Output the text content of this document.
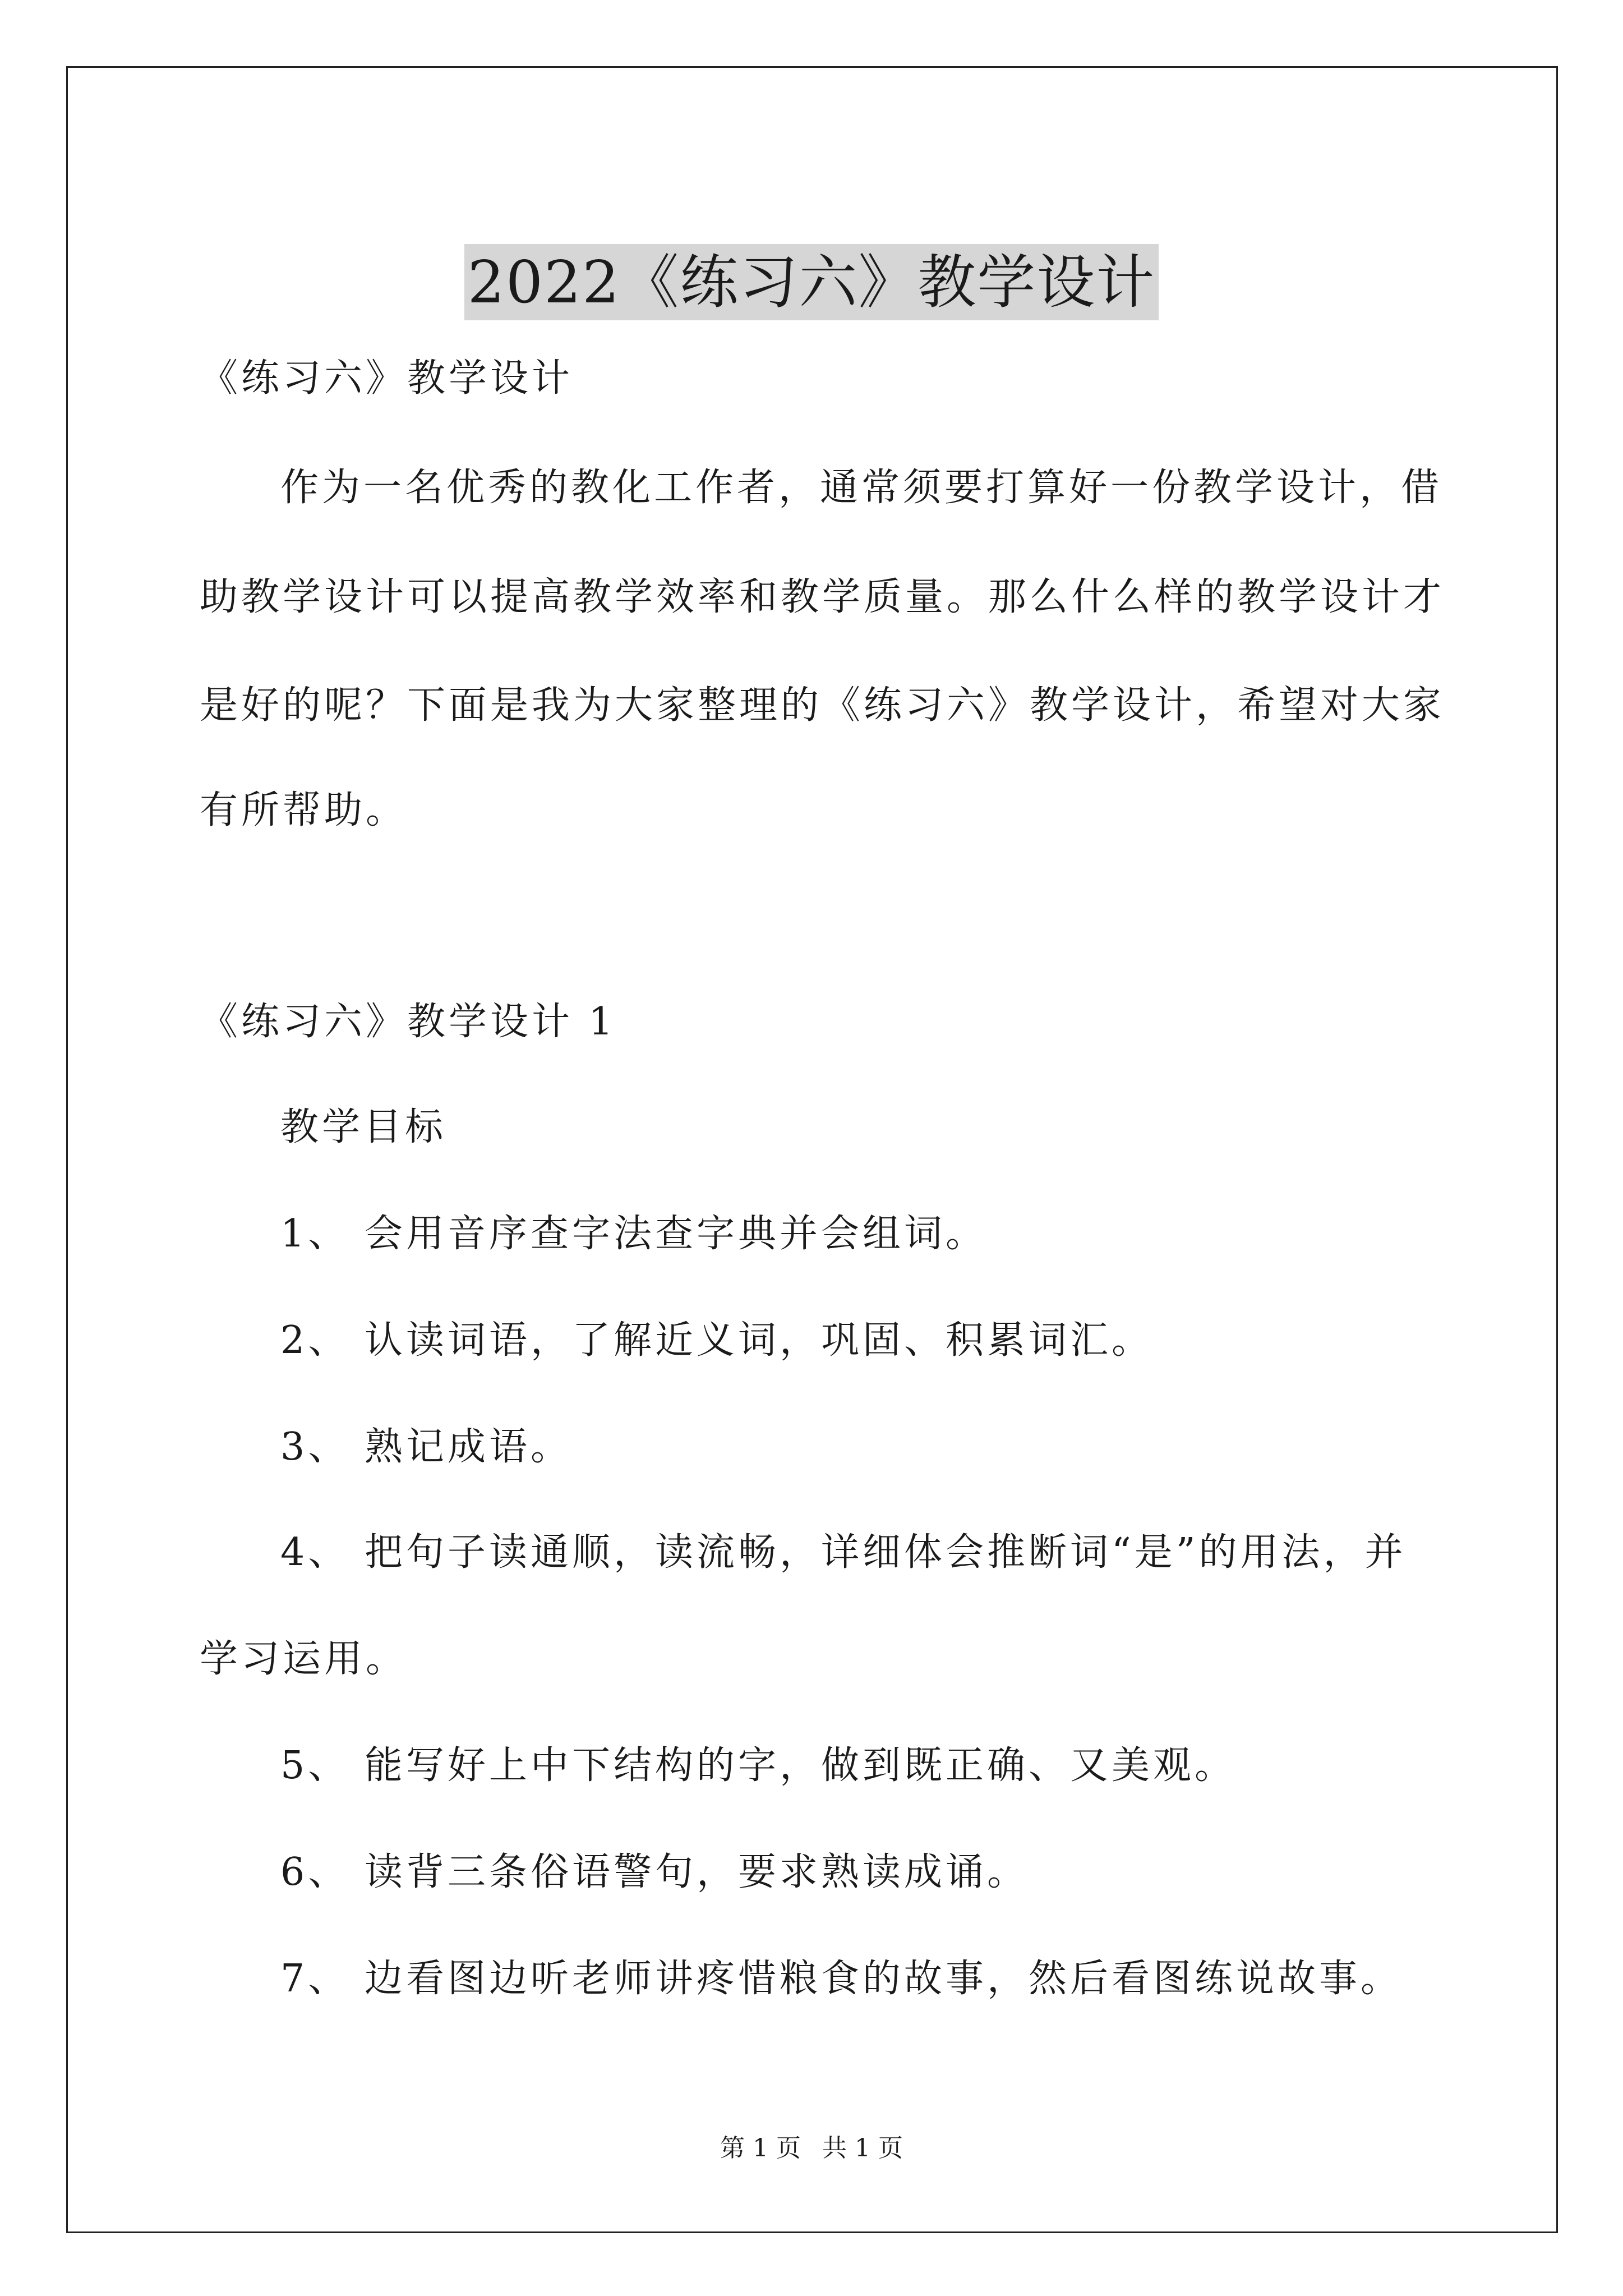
2022《练习六》教学设计
《练习六》教学设计
作为一名优秀的教化工作者，通常须要打算好一份教学设计，借
助教学设计可以提高教学效率和教学质量。那么什么样的教学设计才
是好的呢？下面是我为大家整理的《练习六》教学设计，希望对大家
有所帮助。
《练习六》教学设计 1
教学目标
1、 会用音序查字法查字典并会组词。
2、 认读词语，了解近义词，巩固、积累词汇。
3、 熟记成语。
4、 把句子读通顺，读流畅，详细体会推断词“是”的用法，并
学习运用。
5、 能写好上中下结构的字，做到既正确、又美观。
6、 读背三条俗语警句，要求熟读成诵。
7、 边看图边听老师讲疼惜粮食的故事，然后看图练说故事。
第 1 页 共 1 页
